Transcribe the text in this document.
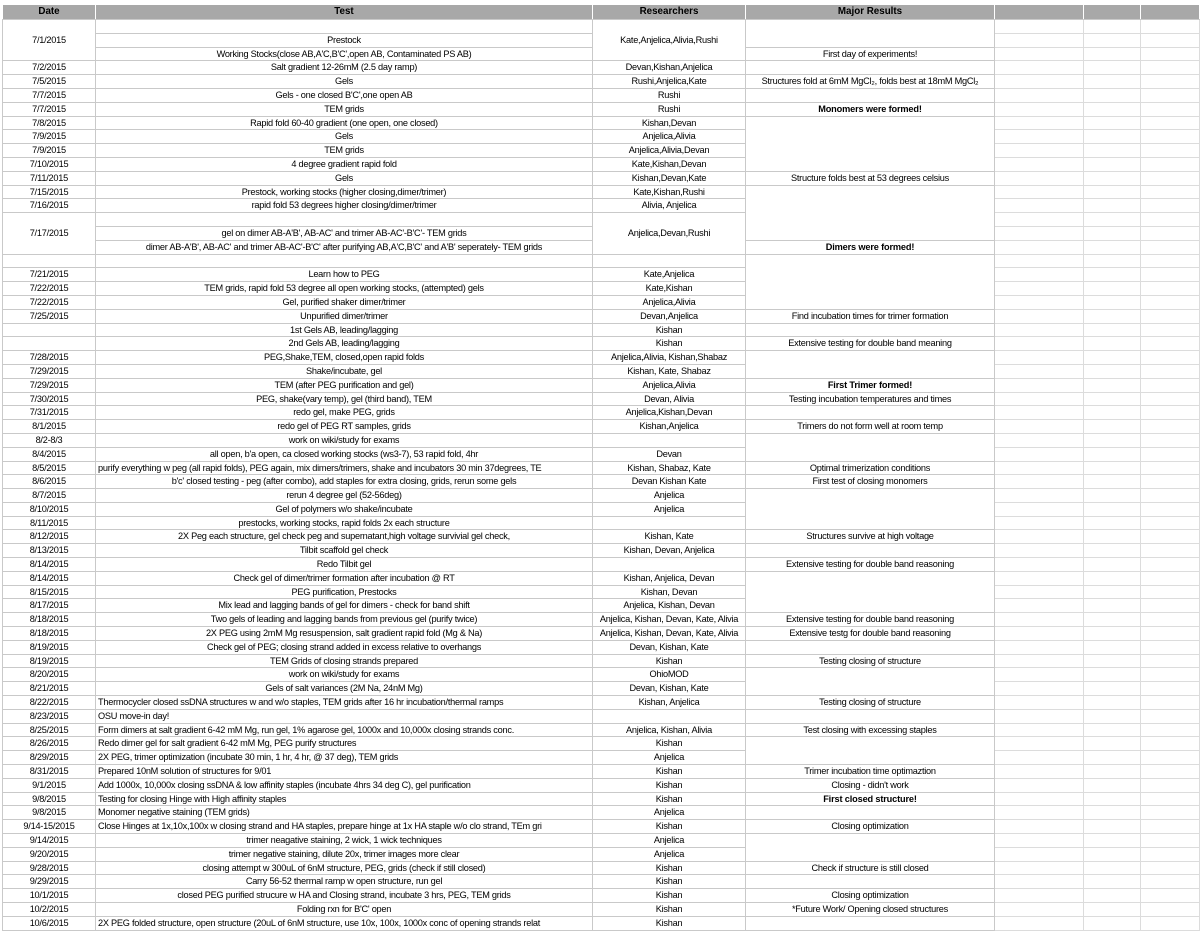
Date	Test	Researchers	Major Results			
7/1/2015		Kate,Anjelica,Alivia,Rushi				
	Prestock					
	Working Stocks(close AB,A'C,B'C',open AB, Contaminated PS AB)		First day of experiments!			
7/2/2015	Salt gradient 12-26mM (2.5 day ramp)	Devan,Kishan,Anjelica				
7/5/2015	Gels	Rushi,Anjelica,Kate	Structures fold at 6mM MgCl₂, folds best at 18mM MgCl₂			
7/7/2015	Gels - one closed B'C',one open AB	Rushi				
7/7/2015	TEM grids	Rushi	Monomers were formed!			
7/8/2015	Rapid fold 60-40 gradient (one open, one closed)	Kishan,Devan				
7/9/2015	Gels	Anjelica,Alivia				
7/9/2015	TEM grids	Anjelica,Alivia,Devan				
7/10/2015	4 degree gradient rapid fold	Kate,Kishan,Devan				
7/11/2015	Gels	Kishan,Devan,Kate	Structure folds best at 53 degrees celsius			
7/15/2015	Prestock, working stocks (higher closing,dimer/trimer)	Kate,Kishan,Rushi				
7/16/2015	rapid fold 53 degrees higher closing/dimer/trimer	Alivia, Anjelica				
7/17/2015		Anjelica,Devan,Rushi				
	gel on dimer AB-A'B', AB-AC' and trimer AB-AC'-B'C'- TEM grids					
	dimer AB-A'B', AB-AC' and trimer AB-AC'-B'C' after purifying AB,A'C,B'C' and A'B' seperately- TEM grids		Dimers were formed!			

7/21/2015	Learn how to PEG	Kate,Anjelica				
7/22/2015	TEM grids, rapid fold 53 degree all open working stocks, (attempted) gels	Kate,Kishan				
7/22/2015	Gel, purified shaker dimer/trimer	Anjelica,Alivia				
7/25/2015	Unpurified dimer/trimer	Devan,Anjelica	Find incubation times for trimer formation			
	1st Gels AB, leading/lagging	Kishan				
	2nd Gels AB, leading/lagging	Kishan	Extensive testing for double band meaning			
7/28/2015	PEG,Shake,TEM, closed,open rapid folds	Anjelica,Alivia, Kishan,Shabaz				
7/29/2015	Shake/incubate, gel	Kishan, Kate, Shabaz				
7/29/2015	TEM (after PEG purification and gel)	Anjelica,Alivia	First Trimer formed!			
7/30/2015	PEG, shake(vary temp), gel (third band), TEM	Devan, Alivia	Testing incubation temperatures and times			
7/31/2015	redo gel, make PEG, grids	Anjelica,Kishan,Devan				
8/1/2015	redo gel of PEG RT samples, grids	Kishan,Anjelica	Trimers do not form well at room temp			
8/2-8/3	work on wiki/study for exams					
8/4/2015	all open, b'a open, ca closed working stocks (ws3-7), 53 rapid fold, 4hr	Devan				
8/5/2015	purify everything w peg (all rapid folds), PEG again, mix dimers/trimers, shake and incubators 30 min 37degrees, TE	Kishan, Shabaz, Kate	Optimal trimerization conditions			
8/6/2015	b'c' closed testing - peg (after combo), add staples for extra closing, grids, rerun some gels	Devan Kishan Kate	First test of closing monomers			
8/7/2015	rerun 4 degree gel (52-56deg)	Anjelica				
8/10/2015	Gel of polymers w/o shake/incubate	Anjelica				
8/11/2015	prestocks, working stocks, rapid folds 2x each structure					
8/12/2015	2X Peg each structure, gel check peg and supernatant,high voltage survivial gel check,	Kishan, Kate	Structures survive at high voltage			
8/13/2015	Tilbit scaffold gel check	Kishan, Devan, Anjelica				
8/14/2015	Redo Tilbit gel		Extensive testing for double band reasoning			
8/14/2015	Check gel of dimer/trimer formation after incubation @ RT	Kishan, Anjelica, Devan				
8/15/2015	PEG purification, Prestocks	Kishan, Devan				
8/17/2015	Mix lead and lagging bands of gel for dimers - check for band shift	Anjelica, Kishan, Devan				
8/18/2015	Two gels of leading and lagging bands from previous gel (purify twice)	Anjelica, Kishan, Devan, Kate, Alivia	Extensive testing for double band reasoning			
8/18/2015	2X PEG using 2mM Mg resuspension, salt gradient rapid fold (Mg & Na)	Anjelica, Kishan, Devan, Kate, Alivia	Extensive testg for double band reasoning			
8/19/2015	Check gel of PEG; closing strand added in excess relative to overhangs	Devan, Kishan, Kate				
8/19/2015	TEM Grids of closing strands prepared	Kishan	Testing closing of structure			
8/20/2015	work on wiki/study for exams	OhioMOD				
8/21/2015	Gels of salt variances (2M Na, 24nM Mg)	Devan, Kishan, Kate				
8/22/2015	Thermocycler closed ssDNA structures w and w/o staples, TEM grids after 16 hr incubation/thermal ramps	Kishan, Anjelica	Testing closing of structure			
8/23/2015	OSU move-in day!					
8/25/2015	Form dimers at salt gradient 6-42 mM Mg, run gel, 1% agarose gel, 1000x and 10,000x closing strands conc.	Anjelica, Kishan, Alivia	Test closing with excessing staples			
8/26/2015	Redo dimer gel for salt gradient 6-42 mM Mg, PEG purify structures	Kishan				
8/29/2015	2X PEG, trimer optimization (incubate 30 min, 1 hr, 4 hr, @ 37 deg), TEM grids	Anjelica				
8/31/2015	Prepared 10nM solution of structures for 9/01	Kishan	Trimer incubation time optimaztion			
9/1/2015	Add 1000x, 10,000x closing ssDNA & low affinity staples (incubate 4hrs 34 deg C), gel purification	Kishan	Closing - didn't work			
9/8/2015	Testing for closing Hinge with High affinity staples	Kishan	First closed structure!			
9/8/2015	Monomer negative staining (TEM grids)	Anjelica				
9/14-15/2015	Close Hinges at 1x,10x,100x w closing strand and HA staples, prepare hinge at 1x HA staple w/o clo strand, TEm gri	Kishan	Closing optimization			
9/14/2015	trimer neagative staining, 2 wick, 1 wick techniques	Anjelica				
9/20/2015	trimer negative staining, dilute 20x, trimer images more clear	Anjelica				
9/28/2015	closing attempt w 300uL of 6nM structure, PEG, grids (check if still closed)	Kishan	Check if structure is still closed			
9/29/2015	Carry 56-52 thermal ramp w open structure, run gel	Kishan				
10/1/2015	closed PEG purified strucure w HA and Closing strand, incubate 3 hrs, PEG, TEM grids	Kishan	Closing optimization			
10/2/2015	Folding rxn for B'C' open	Kishan	*Future Work/ Opening closed structures			
10/6/2015	2X PEG folded structure, open structure (20uL of 6nM structure, use 10x, 100x, 1000x conc of opening strands relat	Kishan				
